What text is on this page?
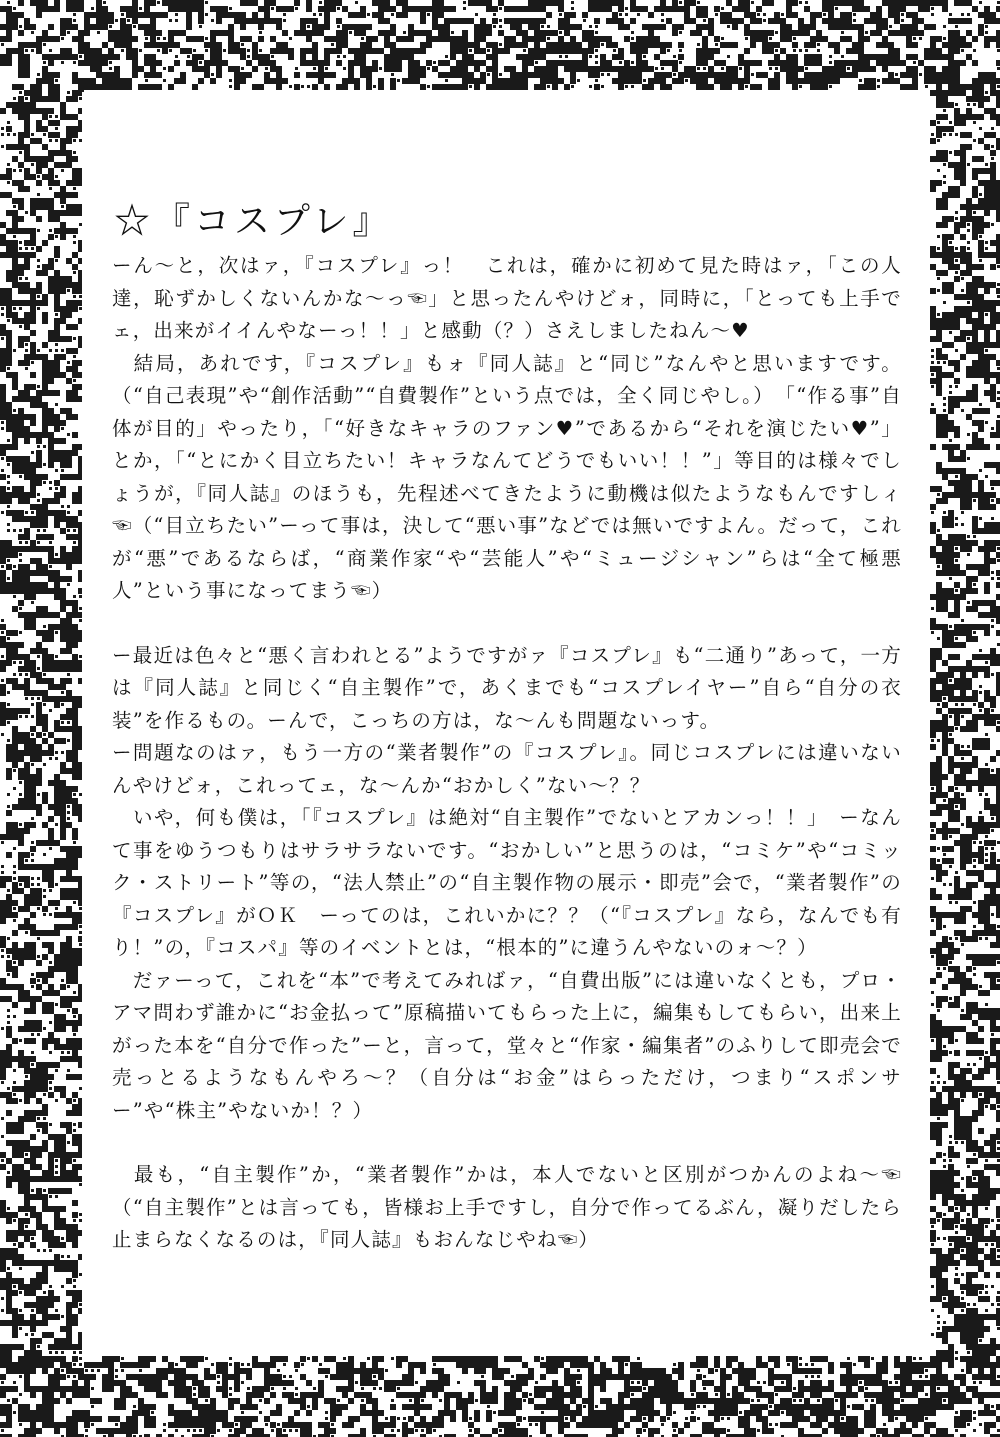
☆『コスプレ』

ーん〜と，次はァ，『コスプレ』っ！　これは，確かに初めて見た時はァ，「この人達，恥ずかしくないんかな〜っ☜」と思ったんやけどォ，同時に，「とっても上手でェ，出来がイイんやなーっ！！」と感動（？）さえしましたねん〜♥

　結局，あれです，『コスプレ』もォ『同人誌』と“同じ”なんやと思いますです。（“自己表現”や“創作活動”“自費製作”という点では，全く同じやし。）　「“作る事”自体が目的」やったり，「“好きなキャラのファン♥”であるから“それを演じたい♥”」とか，「“とにかく目立ちたい！キャラなんてどうでもいい！！”」等目的は様々でしょうが，『同人誌』のほうも，先程述べてきたように動機は似たようなもんですしィ☜（“目立ちたい”ーって事は，決して“悪い事”などでは無いですよん。だって，これが“悪”であるならば，“商業作家“や“芸能人”や“ミュージシャン”らは“全て極悪人”という事になってまう☜）

ー最近は色々と“悪く言われとる”ようですがァ『コスプレ』も“二通り”あって，一方は『同人誌』と同じく“自主製作”で，あくまでも“コスプレイヤー”自ら“自分の衣装”を作るもの。ーんで，こっちの方は，な〜んも問題ないっす。

ー問題なのはァ，もう一方の“業者製作”の『コスプレ』。同じコスプレには違いないんやけどォ，これってェ，な〜んか“おかしく”ない〜？？

　いや，何も僕は，「『コスプレ』は絶対“自主製作”でないとアカンっ！！」　ーなんて事をゆうつもりはサラサラないです。“おかしい”と思うのは，“コミケ”や“コミック・ストリート”等の，“法人禁止”の“自主製作物の展示・即売”会で，“業者製作”の『コスプレ』がＯＫ　ーってのは，これいかに？？（“『コスプレ』なら，なんでも有り！”の，『コスパ』等のイベントとは，“根本的”に違うんやないのォ〜？）

　だァーって，これを“本”で考えてみればァ，“自費出版”には違いなくとも，プロ・アマ問わず誰かに“お金払って”原稿描いてもらった上に，編集もしてもらい，出来上がった本を“自分で作った”ーと，言って，堂々と“作家・編集者”のふりして即売会で売っとるようなもんやろ〜？（自分は“お金”はらっただけ，つまり“スポンサー”や“株主”やないか！？）

　最も，“自主製作”か，“業者製作”かは，本人でないと区別がつかんのよね〜☜（“自主製作”とは言っても，皆様お上手ですし，自分で作ってるぶん，凝りだしたら止まらなくなるのは，『同人誌』もおんなじやね☜）
